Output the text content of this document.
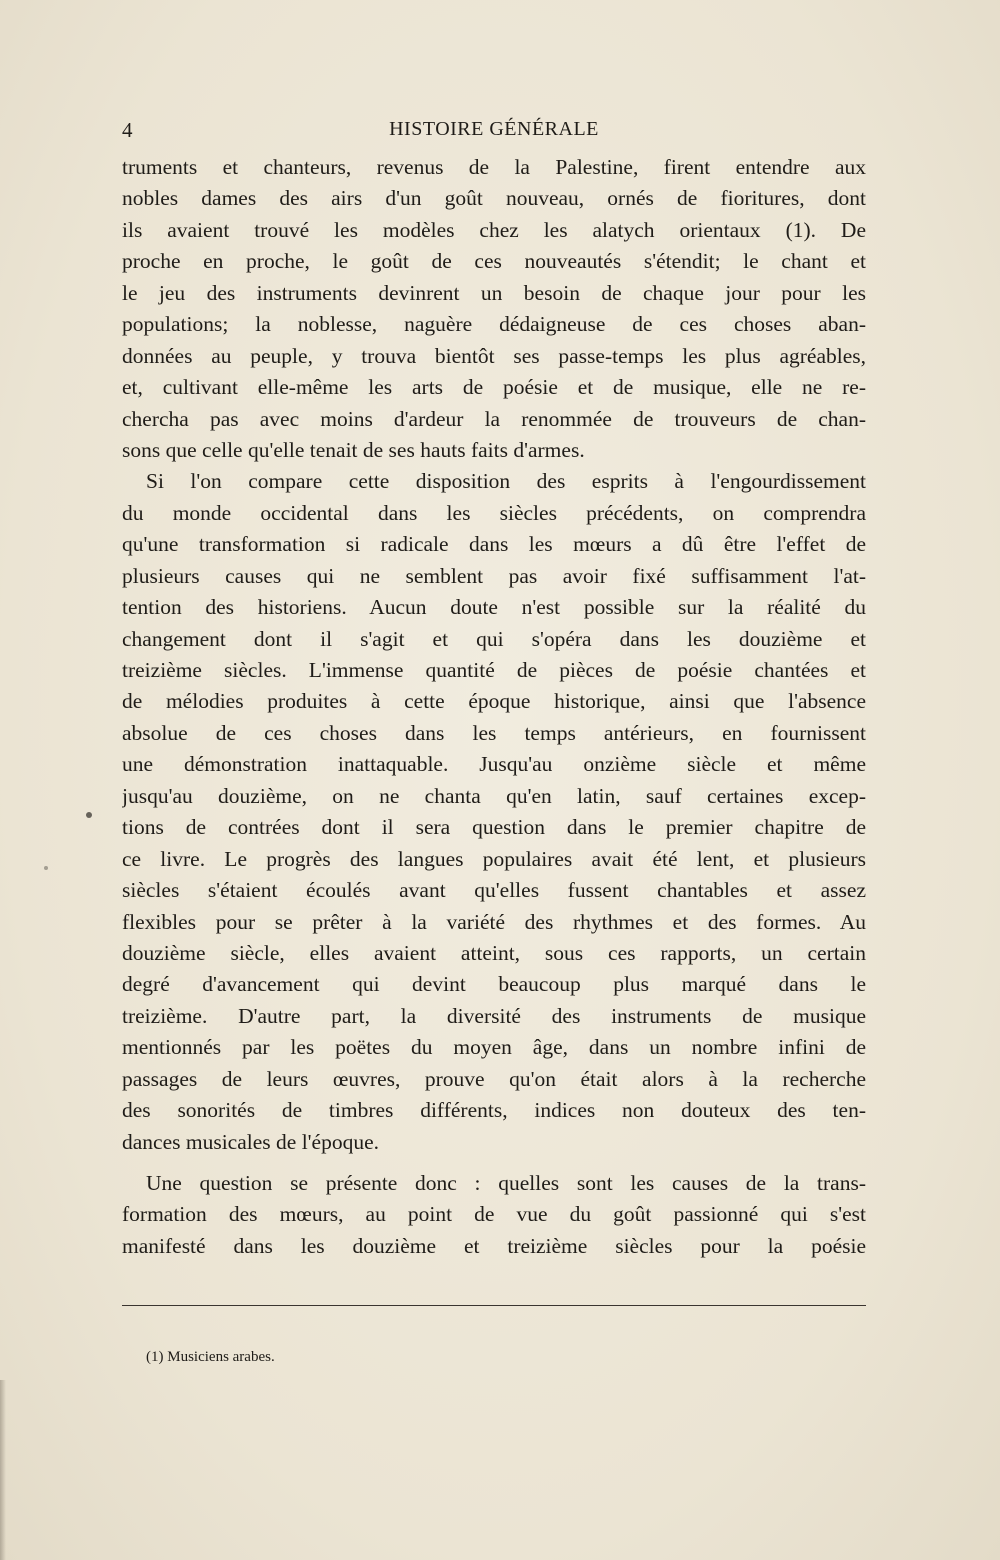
4	HISTOIRE GÉNÉRALE
truments et chanteurs, revenus de la Palestine, firent entendre aux
nobles dames des airs d'un goût nouveau, ornés de fioritures, dont
ils avaient trouvé les modèles chez les alatych orientaux (1). De
proche en proche, le goût de ces nouveautés s'étendit; le chant et
le jeu des instruments devinrent un besoin de chaque jour pour les
populations; la noblesse, naguère dédaigneuse de ces choses aban-
données au peuple, y trouva bientôt ses passe-temps les plus agréables,
et, cultivant elle-même les arts de poésie et de musique, elle ne re-
chercha pas avec moins d'ardeur la renommée de trouveurs de chan-
sons que celle qu'elle tenait de ses hauts faits d'armes.
Si l'on compare cette disposition des esprits à l'engourdissement
du monde occidental dans les siècles précédents, on comprendra
qu'une transformation si radicale dans les mœurs a dû être l'effet de
plusieurs causes qui ne semblent pas avoir fixé suffisamment l'at-
tention des historiens. Aucun doute n'est possible sur la réalité du
changement dont il s'agit et qui s'opéra dans les douzième et
treizième siècles. L'immense quantité de pièces de poésie chantées et
de mélodies produites à cette époque historique, ainsi que l'absence
absolue de ces choses dans les temps antérieurs, en fournissent
une démonstration inattaquable. Jusqu'au onzième siècle et même
jusqu'au douzième, on ne chanta qu'en latin, sauf certaines excep-
tions de contrées dont il sera question dans le premier chapitre de
ce livre. Le progrès des langues populaires avait été lent, et plusieurs
siècles s'étaient écoulés avant qu'elles fussent chantables et assez
flexibles pour se prêter à la variété des rhythmes et des formes. Au
douzième siècle, elles avaient atteint, sous ces rapports, un certain
degré d'avancement qui devint beaucoup plus marqué dans le
treizième. D'autre part, la diversité des instruments de musique
mentionnés par les poëtes du moyen âge, dans un nombre infini de
passages de leurs œuvres, prouve qu'on était alors à la recherche
des sonorités de timbres différents, indices non douteux des ten-
dances musicales de l'époque.
Une question se présente donc : quelles sont les causes de la trans-
formation des mœurs, au point de vue du goût passionné qui s'est
manifesté dans les douzième et treizième siècles pour la poésie
(1) Musiciens arabes.
